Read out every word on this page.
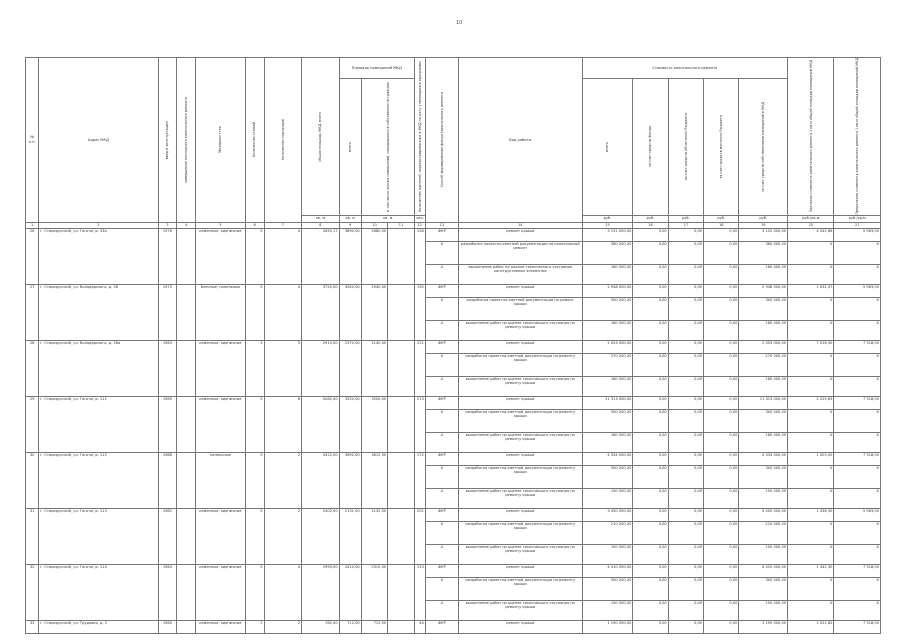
10
№ п.п.	Адрес МКД	ввод в эксплуатацию	завершение последнего капитального ремонта	Материал стен	Количество этажей	Количество подъездов	общая площадь МКД, всего	Площадь помещений МКД			Количество жителей, зарегистрированных в МКД на дату утверждения программы	Способ формирования фонда капитального ремонта	Вид работы	Стоимость капитального ремонта					Удельная стоимость капитального ремонта 1 кв.м общей площади помещений МКД	Предельная стоимость капитального ремонта 1 кв.м общей площади помещений МКД

								всего	в том числе жилых помещений, находящихся в собственности граждан					всего	за счет средств Фонда	за счет средств областного бюджета	за счет средств местного бюджета	за счет средств собственников помещений в МКД		

							кв. м	кв. м	кв. м		чел.			руб.	руб.	руб.	руб.	руб.	руб./кв.м	руб./кв.м
1	2	3	4	5	6	7	8	9	10	11	12	13	14	15	16	17	18	19	20	21
26	г. Старорусский, ул. Гоголя, д. 33а	1976		каменные, кирпичные	5	4	4450,17	3890,00	2880,00		158	ФКР	ремонт крыши	3 152 000,00	0,00	0,00	0,00	3 152 000,00	4 042,86	5 963,00
												X	разработка проектно-сметной документации на капитальный ремонт	360 000,00	0,00	0,00	0,00	360 000,00	X	X
												X	выполнение работ по оценке технического состояния конструктивных элементов	160 000,00	0,00	0,00	0,00	160 000,00	X	X
27	г. Старорусский, ул. Володарского, д. 26	1975		блочные, панельные	5	4	3720,00	3040,00	2940,00		150	ФКР	ремонт крыши	2 948 000,00	0,00	0,00	0,00	2 948 000,00	1 632,47	5 963,00
												X	разработка проектно-сметной документации на ремонт крыши	300 000,00	0,00	0,00	0,00	300 000,00	X	X
												X	выполнение работ по оценке технического состояния по ремонту крыши	180 000,00	0,00	0,00	0,00	180 000,00	X	X
28	г. Старорусский, ул. Володарского, д. 28а	1963		каменные, кирпичные	3	3	2910,00	2370,00	2140,00		121	ФКР	ремонт крыши	2 053 000,00	0,00	0,00	0,00	2 053 000,00	7 016,30	7 318,00
												X	разработка проектно-сметной документации по ремонту крыши	270 000,00	0,00	0,00	0,00	270 000,00	X	X
												X	выполнение работ по оценке технического состояния по ремонту крыши	180 000,00	0,00	0,00	0,00	180 000,00	X	X
29	г. Старорусский, ул. Гоголя, д. 111	1969		каменные, кирпичные	5	6	5082,00	3520,00	3500,00		213	ФКР	ремонт крыши	11 313 000,00	0,00	0,00	0,00	11 313 000,00	2 225,83	7 318,00
												X	разработка проектно-сметной документации по ремонту крыши	300 000,00	0,00	0,00	0,00	300 000,00	X	X
												X	выполнение работ по оценке технического состояния по ремонту крыши	180 000,00	0,00	0,00	0,00	180 000,00	X	X
30	г. Старорусский, ул. Гоголя, д. 112	1988		панельные	9	2	4322,00	3692,00	3612,00		172	ФКР	ремонт крыши	4 334 000,00	0,00	0,00	0,00	4 334 000,00	1 003,00	7 318,00
												X	разработка проектно-сметной документации по ремонту крыши	300 000,00	0,00	0,00	0,00	300 000,00	X	X
												X	выполнение работ по оценке технического состояния по ремонту крыши	150 000,00	0,00	0,00	0,00	150 000,00	X	X
31	г. Старорусский, ул. Гоголя, д. 113	1982		каменные, кирпичные	5	2	2402,00	2131,00	2132,00		201	ФКР	ремонт крыши	3 450 000,00	0,00	0,00	0,00	3 450 000,00	1 436,30	5 963,00
												X	разработка проектно-сметной документации по ремонту крыши	210 000,00	0,00	0,00	0,00	210 000,00	X	X
												X	выполнение работ по оценке технического состояния по ремонту крыши	100 000,00	0,00	0,00	0,00	100 000,00	X	X
32	г. Старорусский, ул. Гоголя, д. 114	1964		каменные, кирпичные	5	4	2990,00	2410,00	2310,00		123	ФКР	ремонт крыши	4 410 000,00	0,00	0,00	0,00	4 410 000,00	1 442,30	7 318,00
												X	разработка проектно-сметной документации по ремонту крыши	300 000,00	0,00	0,00	0,00	300 000,00	X	X
												X	выполнение работ по оценке технического состояния по ремонту крыши	150 000,00	0,00	0,00	0,00	150 000,00	X	X
33	г. Старорусский, ул. Трудовая, д. 2	1960		каменные, кирпичные	2	2	782,00	712,00	712,00		44	ФКР	ремонт крыши	1 190 000,00	0,00	0,00	0,00	1 190 000,00	1 521,82	7 318,00
